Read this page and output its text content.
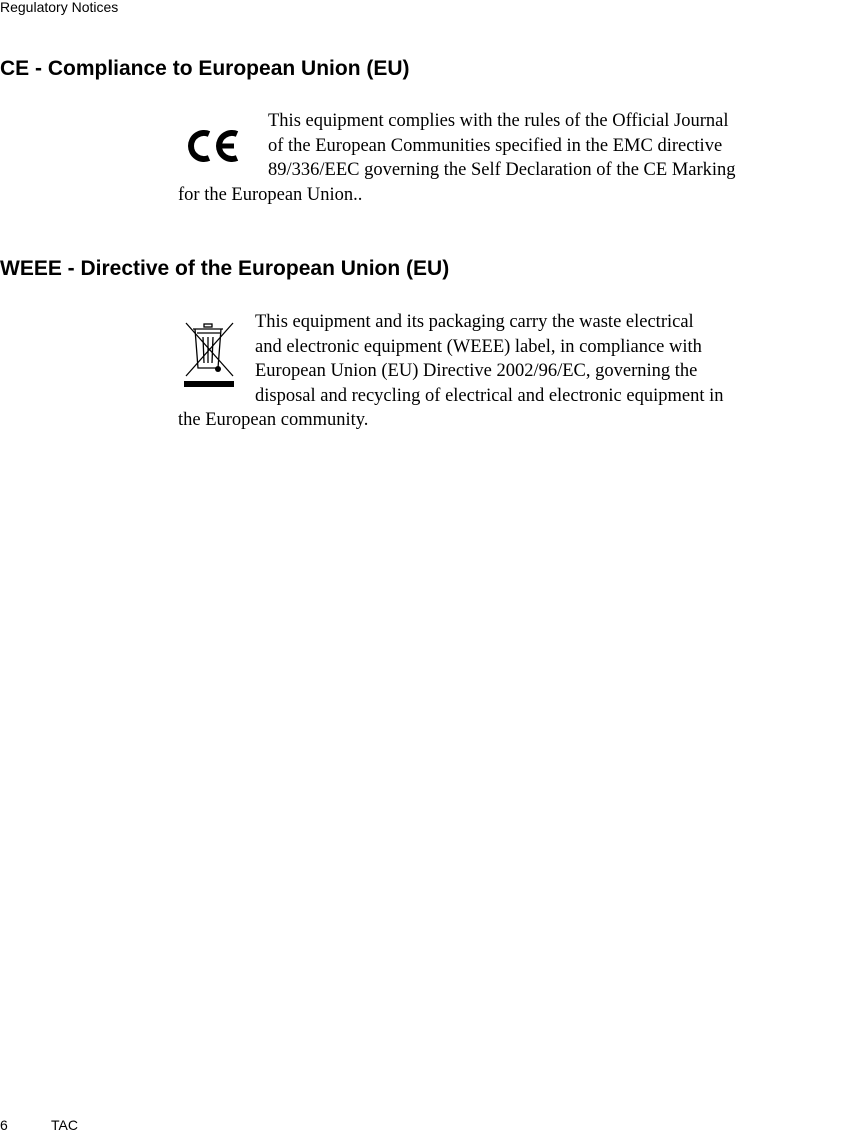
Regulatory Notices
CE - Compliance to European Union (EU)
This equipment complies with the rules of the Official Journal
of the European Communities specified in the EMC directive
89/336/EEC governing the Self Declaration of the CE Marking
for the European Union..
WEEE - Directive of the European Union (EU)
This equipment and its packaging carry the waste electrical
and electronic equipment (WEEE) label, in compliance with
European Union (EU) Directive 2002/96/EC, governing the
disposal and recycling of electrical and electronic equipment in
the European community.
6	TAC
